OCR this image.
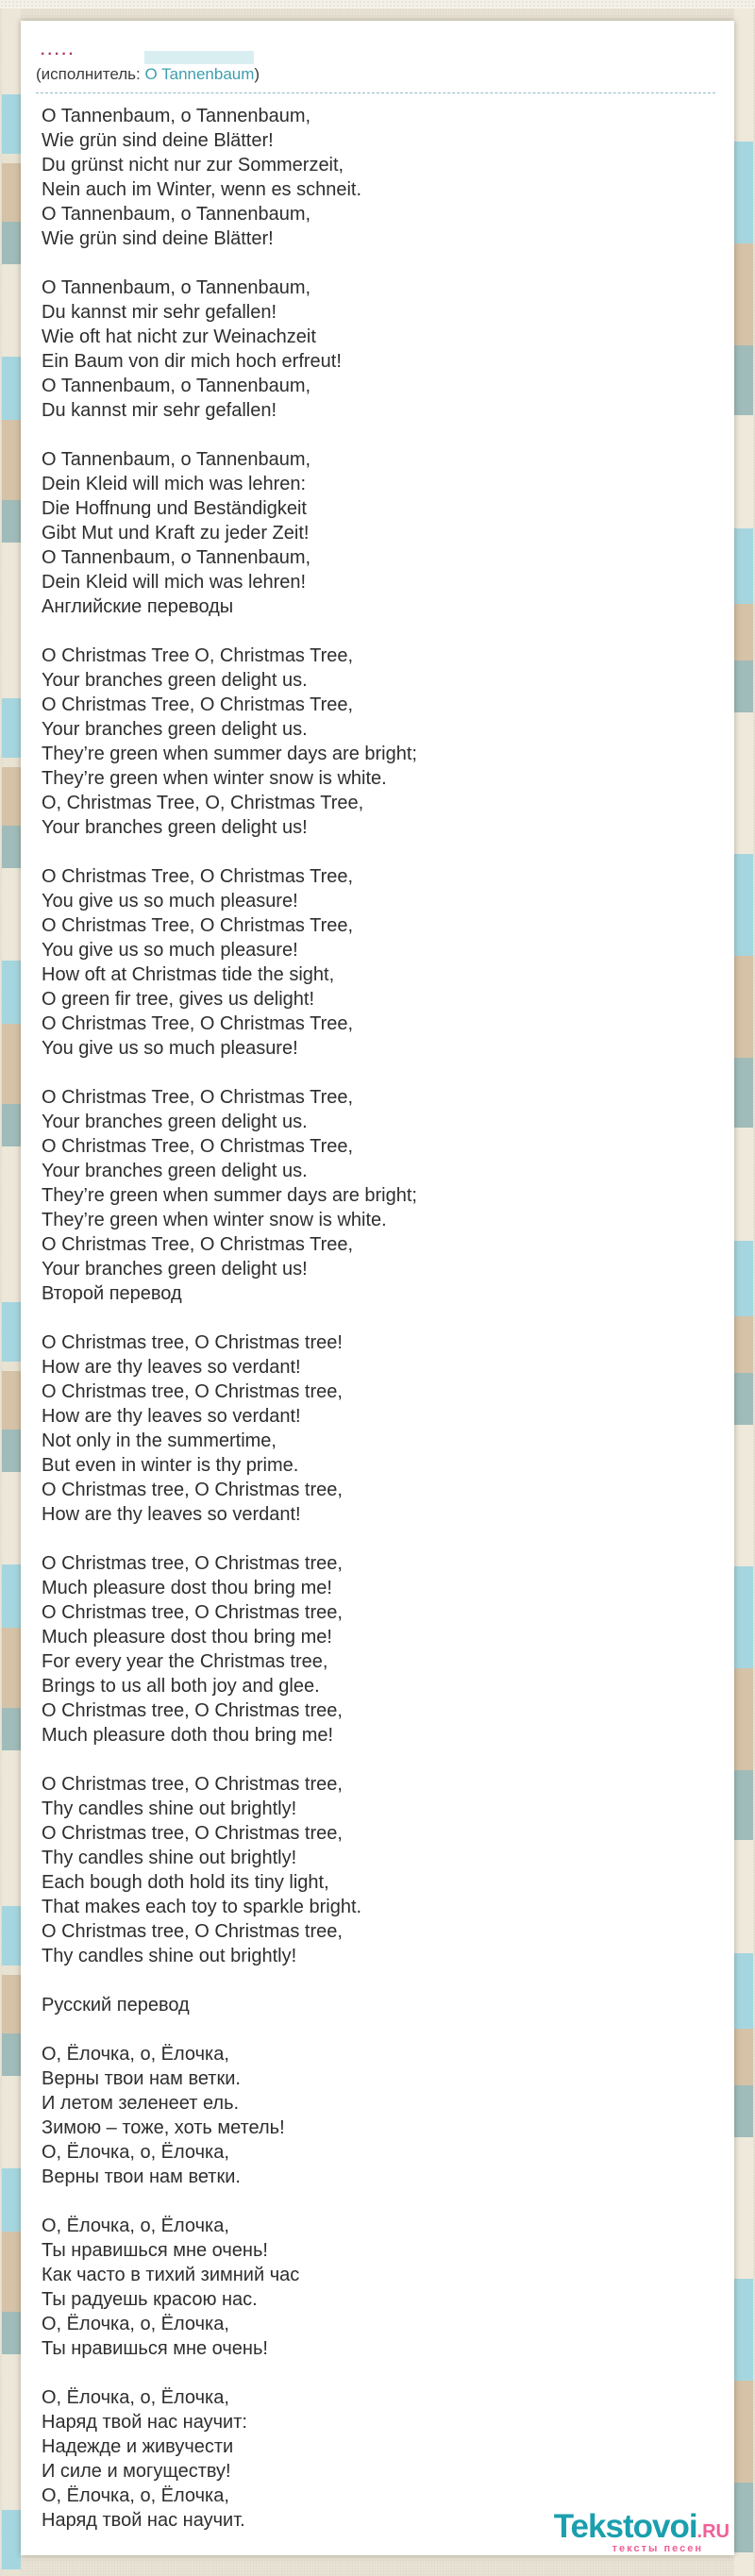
.....
(исполнитель: O Tannenbaum)

O Tannenbaum, o Tannenbaum,
Wie grün sind deine Blätter!
Du grünst nicht nur zur Sommerzeit,
Nein auch im Winter, wenn es schneit.
O Tannenbaum, o Tannenbaum,
Wie grün sind deine Blätter!

O Tannenbaum, o Tannenbaum,
Du kannst mir sehr gefallen!
Wie oft hat nicht zur Weinachzeit
Ein Baum von dir mich hoch erfreut!
O Tannenbaum, o Tannenbaum,
Du kannst mir sehr gefallen!

O Tannenbaum, o Tannenbaum,
Dein Kleid will mich was lehren:
Die Hoffnung und Beständigkeit
Gibt Mut und Kraft zu jeder Zeit!
O Tannenbaum, o Tannenbaum,
Dein Kleid will mich was lehren!
Английские переводы

O Christmas Tree O, Christmas Tree,
Your branches green delight us.
O Christmas Tree, O Christmas Tree,
Your branches green delight us.
They’re green when summer days are bright;
They’re green when winter snow is white.
O, Christmas Tree, O, Christmas Tree,
Your branches green delight us!

O Christmas Tree, O Christmas Tree,
You give us so much pleasure!
O Christmas Tree, O Christmas Tree,
You give us so much pleasure!
How oft at Christmas tide the sight,
O green fir tree, gives us delight!
O Christmas Tree, O Christmas Tree,
You give us so much pleasure!

O Christmas Tree, O Christmas Tree,
Your branches green delight us.
O Christmas Tree, O Christmas Tree,
Your branches green delight us.
They’re green when summer days are bright;
They’re green when winter snow is white.
O Christmas Tree, O Christmas Tree,
Your branches green delight us!
Второй перевод

O Christmas tree, O Christmas tree!
How are thy leaves so verdant!
O Christmas tree, O Christmas tree,
How are thy leaves so verdant!
Not only in the summertime,
But even in winter is thy prime.
O Christmas tree, O Christmas tree,
How are thy leaves so verdant!

O Christmas tree, O Christmas tree,
Much pleasure dost thou bring me!
O Christmas tree, O Christmas tree,
Much pleasure dost thou bring me!
For every year the Christmas tree,
Brings to us all both joy and glee.
O Christmas tree, O Christmas tree,
Much pleasure doth thou bring me!

O Christmas tree, O Christmas tree,
Thy candles shine out brightly!
O Christmas tree, O Christmas tree,
Thy candles shine out brightly!
Each bough doth hold its tiny light,
That makes each toy to sparkle bright.
O Christmas tree, O Christmas tree,
Thy candles shine out brightly!

Русский перевод

О, Ёлочка, о, Ёлочка,
Верны твои нам ветки.
И летом зеленеет ель.
Зимою – тоже, хоть метель!
О, Ёлочка, о, Ёлочка,
Верны твои нам ветки.

О, Ёлочка, о, Ёлочка,
Ты нравишься мне очень!
Как часто в тихий зимний час
Ты радуешь красою нас.
О, Ёлочка, о, Ёлочка,
Ты нравишься мне очень!

О, Ёлочка, о, Ёлочка,
Наряд твой нас научит:
Надежде и живучести
И силе и могуществу!
О, Ёлочка, о, Ёлочка,
Наряд твой нас научит.	Tekstovoi.RU
тексты песен
